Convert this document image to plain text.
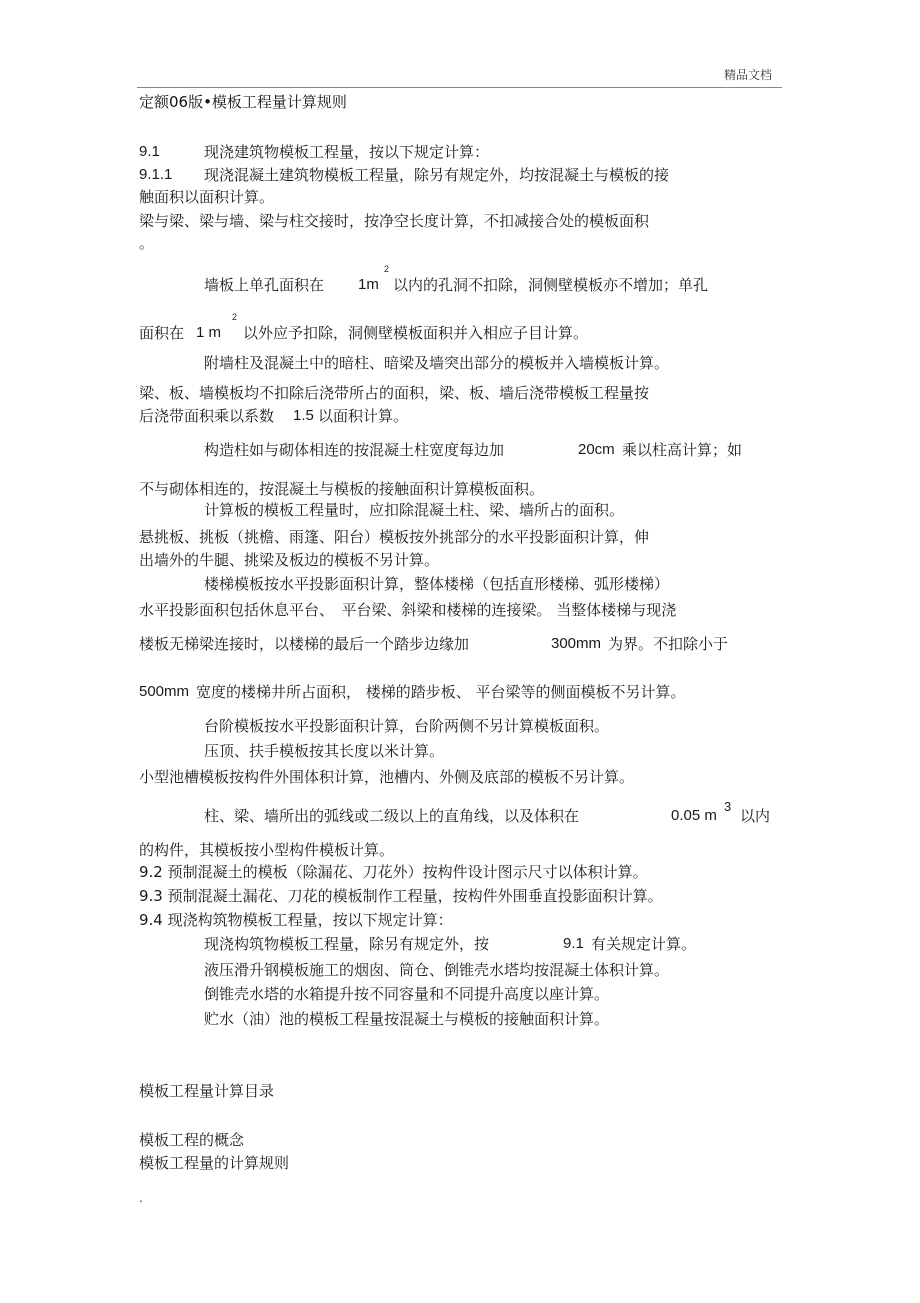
精品文档
定额06版•模板工程量计算规则
9.1	现浇建筑物模板工程量，按以下规定计算：
9.1.1 现浇混凝土建筑物模板工程量，除另有规定外，均按混凝土与模板的接
触面积以面积计算。
梁与梁、梁与墙、梁与柱交接时，按净空长度计算，不扣减接合处的模板面积
。
墙板上单孔面积在 1m
2
以内的孔洞不扣除，洞侧壁模板亦不增加；单孔
面积在 1 m
2
以外应予扣除，洞侧壁模板面积并入相应子目计算。
附墙柱及混凝土中的暗柱、暗梁及墙突出部分的模板并入墙模板计算。
梁、板、墙模板均不扣除后浇带所占的面积，梁、板、墙后浇带模板工程量按
后浇带面积乘以系数 1.5 以面积计算。
构造柱如与砌体相连的按混凝土柱宽度每边加	20cm 乘以柱高计算；如
不与砌体相连的，按混凝土与模板的接触面积计算模板面积。
计算板的模板工程量时，应扣除混凝土柱、梁、墙所占的面积。
悬挑板、挑板（挑檐、雨篷、阳台）模板按外挑部分的水平投影面积计算，伸
出墙外的牛腿、挑梁及板边的模板不另计算。
楼梯模板按水平投影面积计算，整体楼梯（包括直形楼梯、弧形楼梯）
水平投影面积包括休息平台、　平台梁、斜梁和楼梯的连接梁。 当整体楼梯与现浇
楼板无梯梁连接时，以楼梯的最后一个踏步边缘加	300mm 为界。不扣除小于
500mm 宽度的楼梯井所占面积， 楼梯的踏步板、 平台梁等的侧面模板不另计算。
台阶模板按水平投影面积计算，台阶两侧不另计算模板面积。
压顶、扶手模板按其长度以米计算。
小型池槽模板按构件外围体积计算，池槽内、外侧及底部的模板不另计算。
柱、梁、墙所出的弧线或二级以上的直角线，以及体积在	0.05 m
3
以内
的构件，其模板按小型构件模板计算。
9.2 预制混凝土的模板（除漏花、刀花外）按构件设计图示尺寸以体积计算。
9.3 预制混凝土漏花、刀花的模板制作工程量，按构件外围垂直投影面积计算。
9.4 现浇构筑物模板工程量，按以下规定计算：
现浇构筑物模板工程量，除另有规定外，按	9.1 有关规定计算。
液压滑升钢模板施工的烟囱、筒仓、倒锥壳水塔均按混凝土体积计算。
倒锥壳水塔的水箱提升按不同容量和不同提升高度以座计算。
贮水（油）池的模板工程量按混凝土与模板的接触面积计算。
模板工程量计算目录
模板工程的概念
模板工程量的计算规则
.
